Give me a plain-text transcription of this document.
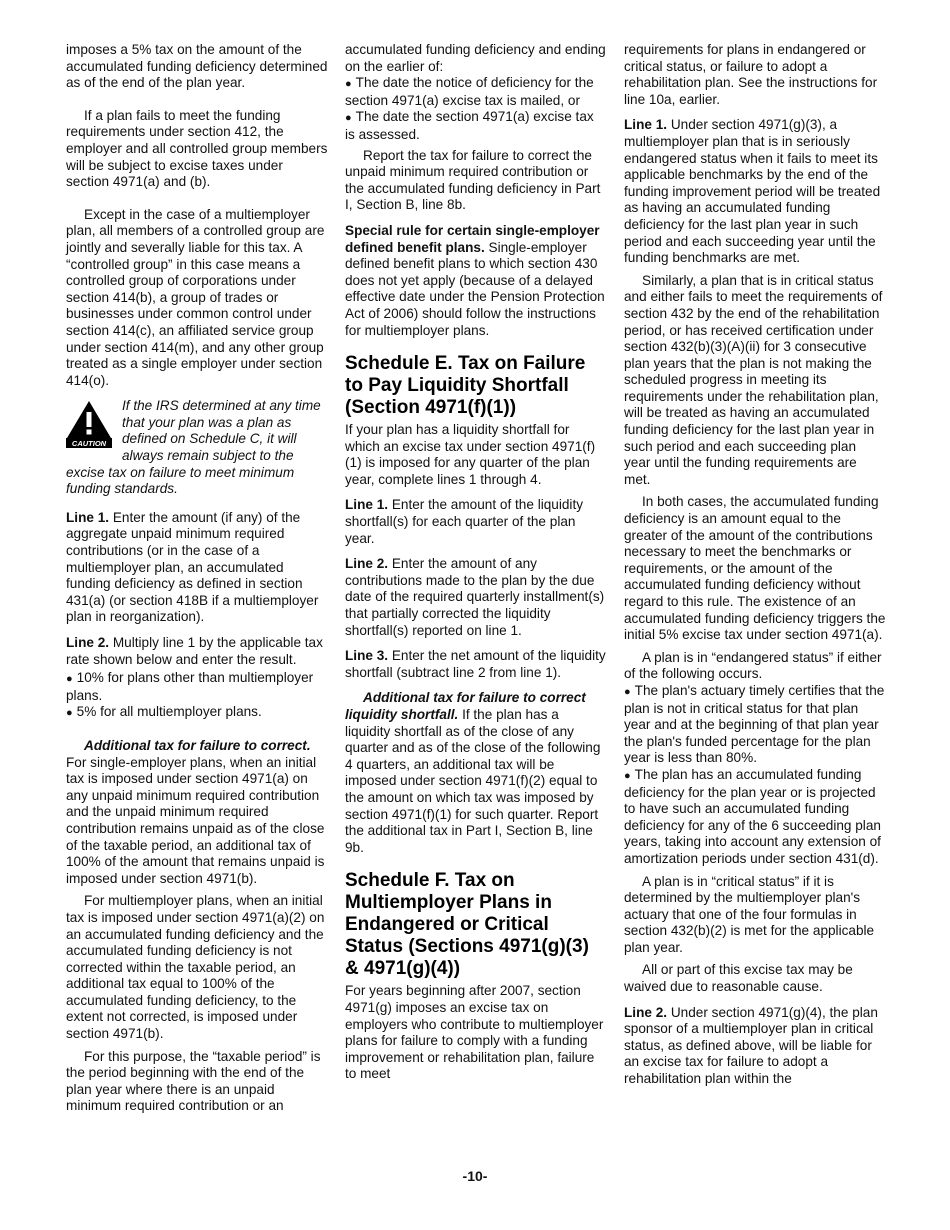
imposes a 5% tax on the amount of the accumulated funding deficiency determined as of the end of the plan year.

If a plan fails to meet the funding requirements under section 412, the employer and all controlled group members will be subject to excise taxes under section 4971(a) and (b).

Except in the case of a multiemployer plan, all members of a controlled group are jointly and severally liable for this tax. A “controlled group” in this case means a controlled group of corporations under section 414(b), a group of trades or businesses under common control under section 414(c), an affiliated service group under section 414(m), and any other group treated as a single employer under section 414(o).

CAUTION
If the IRS determined at any time that your plan was a plan as defined on Schedule C, it will always remain subject to the excise tax on failure to meet minimum funding standards.

Line 1. Enter the amount (if any) of the aggregate unpaid minimum required contributions (or in the case of a multiemployer plan, an accumulated funding deficiency as defined in section 431(a) (or section 418B if a multiemployer plan in reorganization).

Line 2. Multiply line 1 by the applicable tax rate shown below and enter the result.

● 10% for plans other than multiemployer plans.
● 5% for all multiemployer plans.

Additional tax for failure to correct. For single-employer plans, when an initial tax is imposed under section 4971(a) on any unpaid minimum required contribution and the unpaid minimum required contribution remains unpaid as of the close of the taxable period, an additional tax of 100% of the amount that remains unpaid is imposed under section 4971(b).

For multiemployer plans, when an initial tax is imposed under section 4971(a)(2) on an accumulated funding deficiency and the accumulated funding deficiency is not corrected within the taxable period, an additional tax equal to 100% of the accumulated funding deficiency, to the extent not corrected, is imposed under section 4971(b).

For this purpose, the “taxable period” is the period beginning with the end of the plan year where there is an unpaid minimum required contribution or an

accumulated funding deficiency and ending on the earlier of:

● The date the notice of deficiency for the section 4971(a) excise tax is mailed, or
● The date the section 4971(a) excise tax is assessed.

Report the tax for failure to correct the unpaid minimum required contribution or the accumulated funding deficiency in Part I, Section B, line 8b.

Special rule for certain single-employer defined benefit plans. Single-employer defined benefit plans to which section 430 does not yet apply (because of a delayed effective date under the Pension Protection Act of 2006) should follow the instructions for multiemployer plans.

Schedule E. Tax on Failure to Pay Liquidity Shortfall (Section 4971(f)(1))

If your plan has a liquidity shortfall for which an excise tax under section 4971(f)(1) is imposed for any quarter of the plan year, complete lines 1 through 4.

Line 1. Enter the amount of the liquidity shortfall(s) for each quarter of the plan year.

Line 2. Enter the amount of any contributions made to the plan by the due date of the required quarterly installment(s) that partially corrected the liquidity shortfall(s) reported on line 1.

Line 3. Enter the net amount of the liquidity shortfall (subtract line 2 from line 1).

Additional tax for failure to correct liquidity shortfall. If the plan has a liquidity shortfall as of the close of any quarter and as of the close of the following 4 quarters, an additional tax will be imposed under section 4971(f)(2) equal to the amount on which tax was imposed by section 4971(f)(1) for such quarter. Report the additional tax in Part I, Section B, line 9b.

Schedule F. Tax on Multiemployer Plans in Endangered or Critical Status (Sections 4971(g)(3) & 4971(g)(4))

For years beginning after 2007, section 4971(g) imposes an excise tax on employers who contribute to multiemployer plans for failure to comply with a funding improvement or rehabilitation plan, failure to meet

requirements for plans in endangered or critical status, or failure to adopt a rehabilitation plan. See the instructions for line 10a, earlier.

Line 1. Under section 4971(g)(3), a multiemployer plan that is in seriously endangered status when it fails to meet its applicable benchmarks by the end of the funding improvement period will be treated as having an accumulated funding deficiency for the last plan year in such period and each succeeding year until the funding benchmarks are met.

Similarly, a plan that is in critical status and either fails to meet the requirements of section 432 by the end of the rehabilitation period, or has received certification under section 432(b)(3)(A)(ii) for 3 consecutive plan years that the plan is not making the scheduled progress in meeting its requirements under the rehabilitation plan, will be treated as having an accumulated funding deficiency for the last plan year in such period and each succeeding plan year until the funding requirements are met.

In both cases, the accumulated funding deficiency is an amount equal to the greater of the amount of the contributions necessary to meet the benchmarks or requirements, or the amount of the accumulated funding deficiency without regard to this rule. The existence of an accumulated funding deficiency triggers the initial 5% excise tax under section 4971(a).

A plan is in “endangered status” if either of the following occurs.

● The plan's actuary timely certifies that the plan is not in critical status for that plan year and at the beginning of that plan year the plan's funded percentage for the plan year is less than 80%.
● The plan has an accumulated funding deficiency for the plan year or is projected to have such an accumulated funding deficiency for any of the 6 succeeding plan years, taking into account any extension of amortization periods under section 431(d).

A plan is in “critical status” if it is determined by the multiemployer plan's actuary that one of the four formulas in section 432(b)(2) is met for the applicable plan year.

All or part of this excise tax may be waived due to reasonable cause.

Line 2. Under section 4971(g)(4), the plan sponsor of a multiemployer plan in critical status, as defined above, will be liable for an excise tax for failure to adopt a rehabilitation plan within the

-10-
